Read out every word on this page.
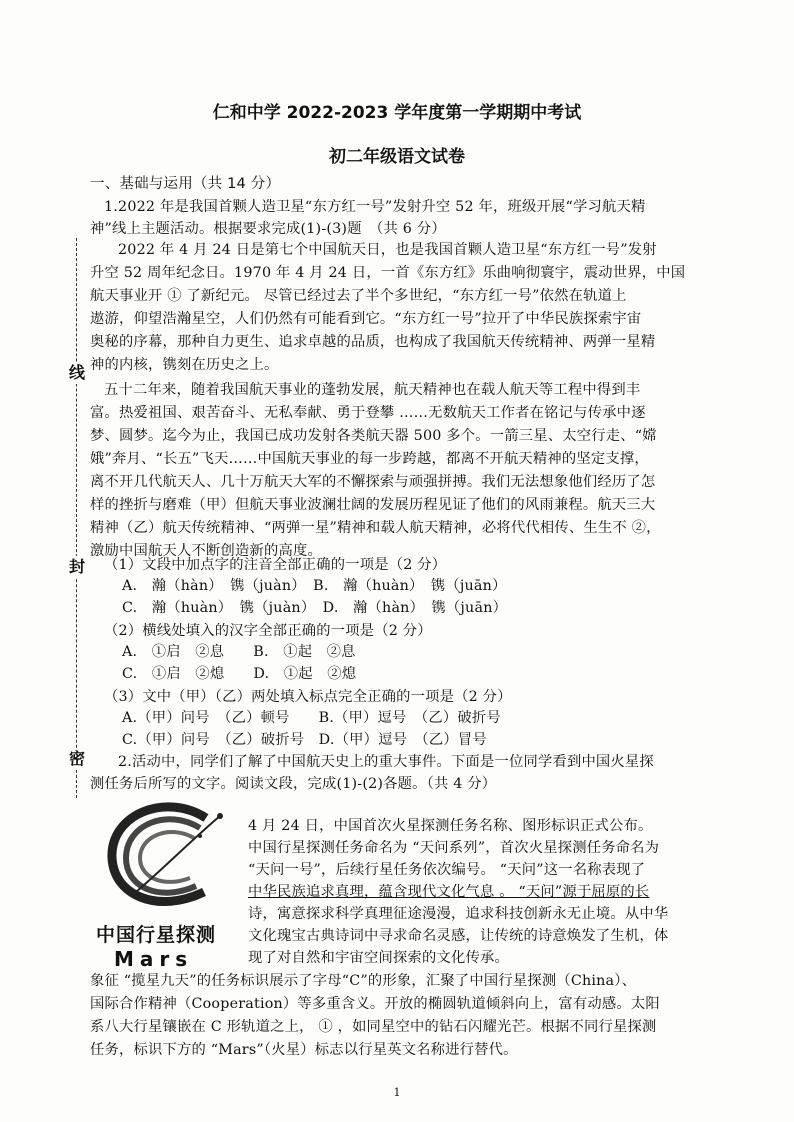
线
封
密
仁和中学 2022-2023 学年度第一学期期中考试
初二年级语文试卷
一、基础与运用（共 14 分）
1.2022 年是我国首颗人造卫星“东方红一号”发射升空 52 年，班级开展“学习航天精
神”线上主题活动。根据要求完成(1)-(3)题　（共 6 分）
2022 年 4 月 24 日是第七个中国航天日，也是我国首颗人造卫星“东方红一号”发射
升空 52 周年纪念日。1970 年 4 月 24 日，一首《东方红》乐曲响彻寰宇，震动世界，中国
航天事业开 ① 了新纪元。 尽管已经过去了半个多世纪，“东方红一号”依然在轨道上
遨游，仰望浩瀚星空，人们仍然有可能看到它。“东方红一号”拉开了中华民族探索宇宙
奥秘的序幕，那种自力更生、追求卓越的品质，也构成了我国航天传统精神、两弹一星精
神的内核，镌刻在历史之上。
五十二年来，随着我国航天事业的蓬勃发展，航天精神也在载人航天等工程中得到丰
富。热爱祖国、艰苦奋斗、无私奉献、勇于登攀 ……无数航天工作者在铭记与传承中逐
梦、圆梦。迄今为止，我国已成功发射各类航天器 500 多个。一箭三星、太空行走、“嫦
娥”奔月、“长五”飞天……中国航天事业的每一步跨越，都离不开航天精神的坚定支撑，
离不开几代航天人、几十万航天大军的不懈探索与顽强拼搏。我们无法想象他们经历了怎
样的挫折与磨难（甲）但航天事业波澜壮阔的发展历程见证了他们的风雨兼程。航天三大
精神（乙）航天传统精神、“两弹一星”精神和载人航天精神，必将代代相传、生生不 ②，
激励中国航天人不断创造新的高度。
（1）文段中加点字的注音全部正确的一项是（2 分）
A.　瀚（hàn）　镌（juàn）　B.　瀚（huàn）　镌（juān）
C.　瀚（huàn）　镌（juàn）　D.　瀚（hàn）　镌（juān）
（2）横线处填入的汉字全部正确的一项是（2 分）
A.　①启　②息　　B.　①起　②息
C.　①启　②熄　　D.　①起　②熄
（3）文中（甲）（乙）两处填入标点完全正确的一项是（2 分）
A.（甲）问号　（乙）顿号　　B.（甲）逗号　（乙）破折号
C.（甲）问号　（乙）破折号　D.（甲）逗号　（乙）冒号
2.活动中，同学们了解了中国航天史上的重大事件。下面是一位同学看到中国火星探
测任务后所写的文字。阅读文段，完成(1)-(2)各题。（共 4 分）
中国行星探测
Mars
4 月 24 日，中国首次火星探测任务名称、图形标识正式公布。
中国行星探测任务命名为 “天问系列”，首次火星探测任务命名为
“天问一号”，后续行星任务依次编号。 “天问”这一名称表现了
中华民族追求真理，蕴含现代文化气息 。 “天问”源于屈原的长
诗，寓意探求科学真理征途漫漫，追求科技创新永无止境。从中华
文化瑰宝古典诗词中寻求命名灵感，让传统的诗意焕发了生机，体
现了对自然和宇宙空间探索的文化传承。
象征 “揽星九天”的任务标识展示了字母“C”的形象，汇聚了中国行星探测（China）、
国际合作精神（Cooperation）等多重含义。开放的椭圆轨道倾斜向上，富有动感。太阳
系八大行星镶嵌在 C 形轨道之上， ① ，如同星空中的钻石闪耀光芒。根据不同行星探测
任务，标识下方的 “Mars”（火星）标志以行星英文名称进行替代。
1
